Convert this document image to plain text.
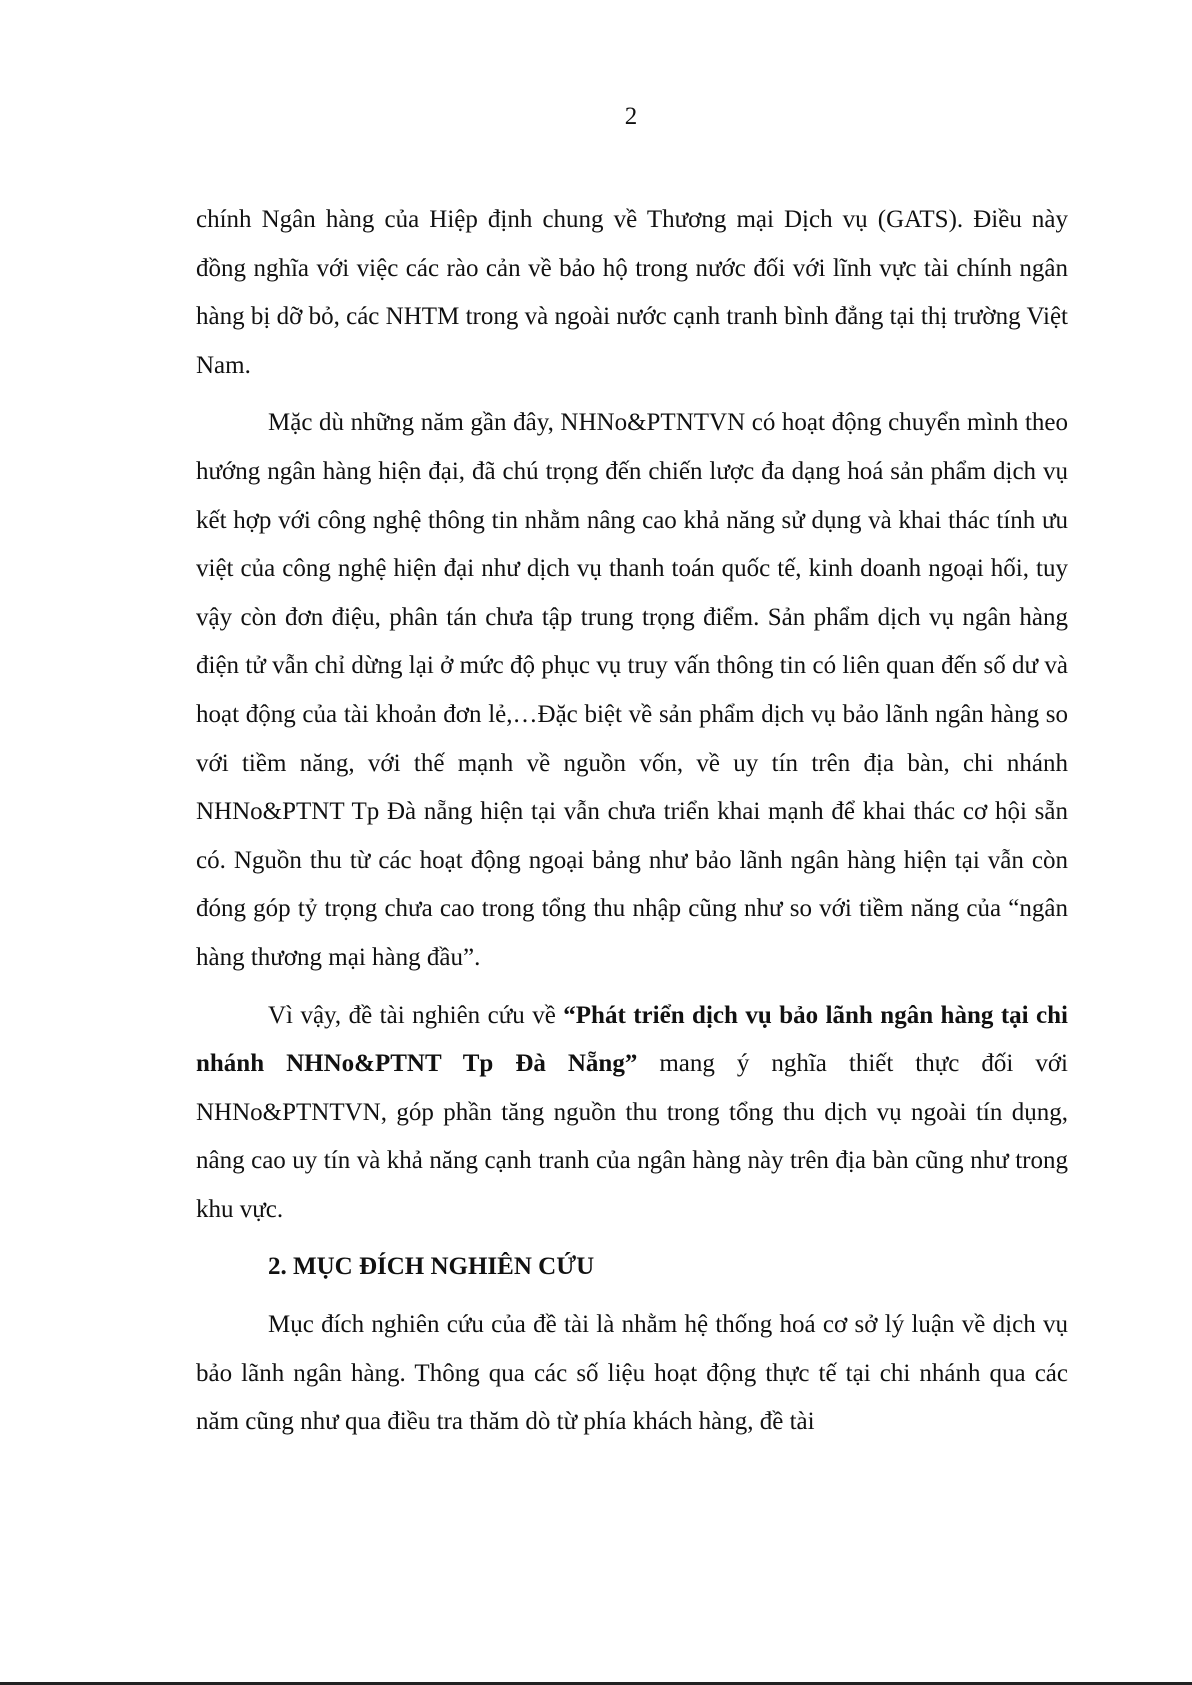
2

chính Ngân hàng của Hiệp định chung về Thương mại Dịch vụ (GATS). Điều này đồng nghĩa với việc các rào cản về bảo hộ trong nước đối với lĩnh vực tài chính ngân hàng bị dỡ bỏ, các NHTM trong và ngoài nước cạnh tranh bình đẳng tại thị trường Việt Nam.

Mặc dù những năm gần đây, NHNo&PTNTVN có hoạt động chuyển mình theo hướng ngân hàng hiện đại, đã chú trọng đến chiến lược đa dạng hoá sản phẩm dịch vụ kết hợp với công nghệ thông tin nhằm nâng cao khả năng sử dụng và khai thác tính ưu việt của công nghệ hiện đại như dịch vụ thanh toán quốc tế, kinh doanh ngoại hối, tuy vậy còn đơn điệu, phân tán chưa tập trung trọng điểm. Sản phẩm dịch vụ ngân hàng điện tử vẫn chỉ dừng lại ở mức độ phục vụ truy vấn thông tin có liên quan đến số dư và hoạt động của tài khoản đơn lẻ,…Đặc biệt về sản phẩm dịch vụ bảo lãnh ngân hàng so với tiềm năng, với thế mạnh về nguồn vốn, về uy tín trên địa bàn, chi nhánh NHNo&PTNT Tp Đà nẵng hiện tại vẫn chưa triển khai mạnh để khai thác cơ hội sẵn có. Nguồn thu từ các hoạt động ngoại bảng như bảo lãnh ngân hàng hiện tại vẫn còn đóng góp tỷ trọng chưa cao trong tổng thu nhập cũng như so với tiềm năng của “ngân hàng thương mại hàng đầu”.

Vì vậy, đề tài nghiên cứu về “Phát triển dịch vụ bảo lãnh ngân hàng tại chi nhánh NHNo&PTNT Tp Đà Nẵng” mang ý nghĩa thiết thực đối với NHNo&PTNTVN, góp phần tăng nguồn thu trong tổng thu dịch vụ ngoài tín dụng, nâng cao uy tín và khả năng cạnh tranh của ngân hàng này trên địa bàn cũng như trong khu vực.

2. MỤC ĐÍCH NGHIÊN CỨU

Mục đích nghiên cứu của đề tài là nhằm hệ thống hoá cơ sở lý luận về dịch vụ bảo lãnh ngân hàng. Thông qua các số liệu hoạt động thực tế tại chi nhánh qua các năm cũng như qua điều tra thăm dò từ phía khách hàng, đề tài
